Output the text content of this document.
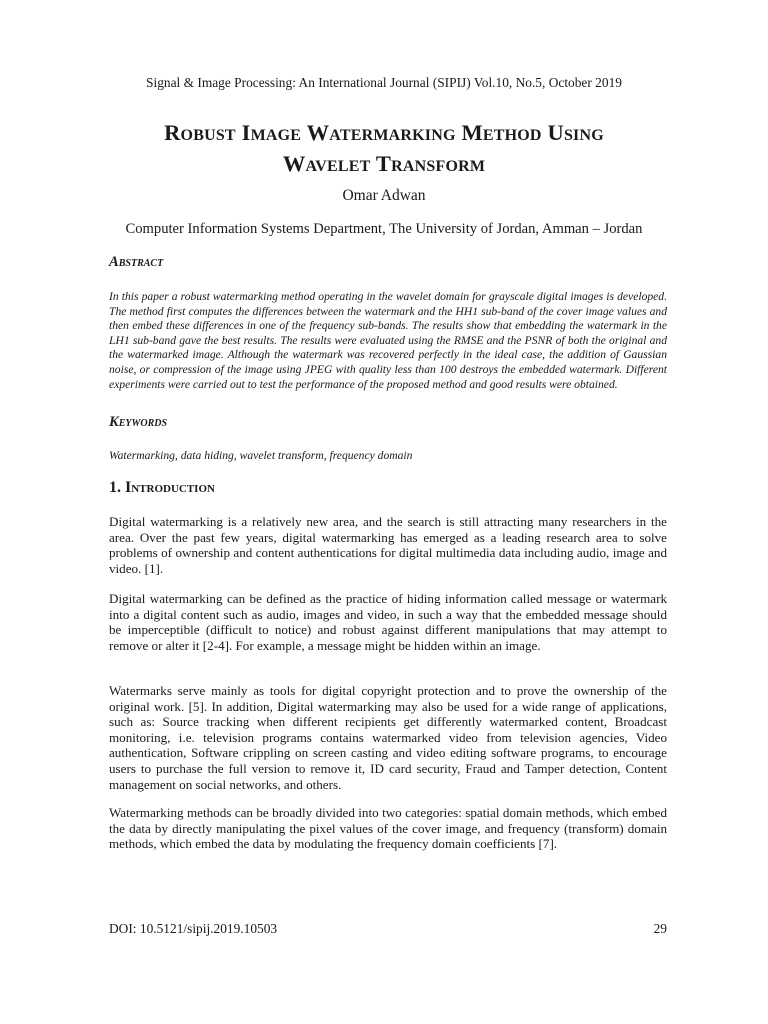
Signal & Image Processing: An International Journal (SIPIJ) Vol.10, No.5, October 2019
Robust Image Watermarking Method Using
Wavelet Transform
Omar Adwan
Computer Information Systems Department, The University of Jordan, Amman – Jordan
Abstract

In this paper a robust watermarking method operating in the wavelet domain for grayscale digital images is developed. The method first computes the differences between the watermark and the HH1 sub-band of the cover image values and then embed these differences in one of the frequency sub-bands. The results show that embedding the watermark in the LH1 sub-band gave the best results. The results were evaluated using the RMSE and the PSNR of both the original and the watermarked image. Although the watermark was recovered perfectly in the ideal case, the addition of Gaussian noise, or compression of the image using JPEG with quality less than 100 destroys the embedded watermark. Different experiments were carried out to test the performance of the proposed method and good results were obtained.

Keywords

Watermarking, data hiding, wavelet transform, frequency domain

1. Introduction

Digital watermarking is a relatively new area, and the search is still attracting many researchers in the area. Over the past few years, digital watermarking has emerged as a leading research area to solve problems of ownership and content authentications for digital multimedia data including audio, image and video. [1].

Digital watermarking can be defined as the practice of hiding information called message or watermark into a digital content such as audio, images and video, in such a way that the embedded message should be imperceptible (difficult to notice) and robust against different manipulations that may attempt to remove or alter it [2-4]. For example, a message might be hidden within an image.

Watermarks serve mainly as tools for digital copyright protection and to prove the ownership of the original work. [5]. In addition, Digital watermarking may also be used for a wide range of applications, such as: Source tracking when different recipients get differently watermarked content, Broadcast monitoring, i.e. television programs contains watermarked video from television agencies, Video authentication, Software crippling on screen casting and video editing software programs, to encourage users to purchase the full version to remove it, ID card security, Fraud and Tamper detection, Content management on social networks, and others.

Watermarking methods can be broadly divided into two categories: spatial domain methods, which embed the data by directly manipulating the pixel values of the cover image, and frequency (transform) domain methods, which embed the data by modulating the frequency domain coefficients [7].

DOI: 10.5121/sipij.2019.10503	29
